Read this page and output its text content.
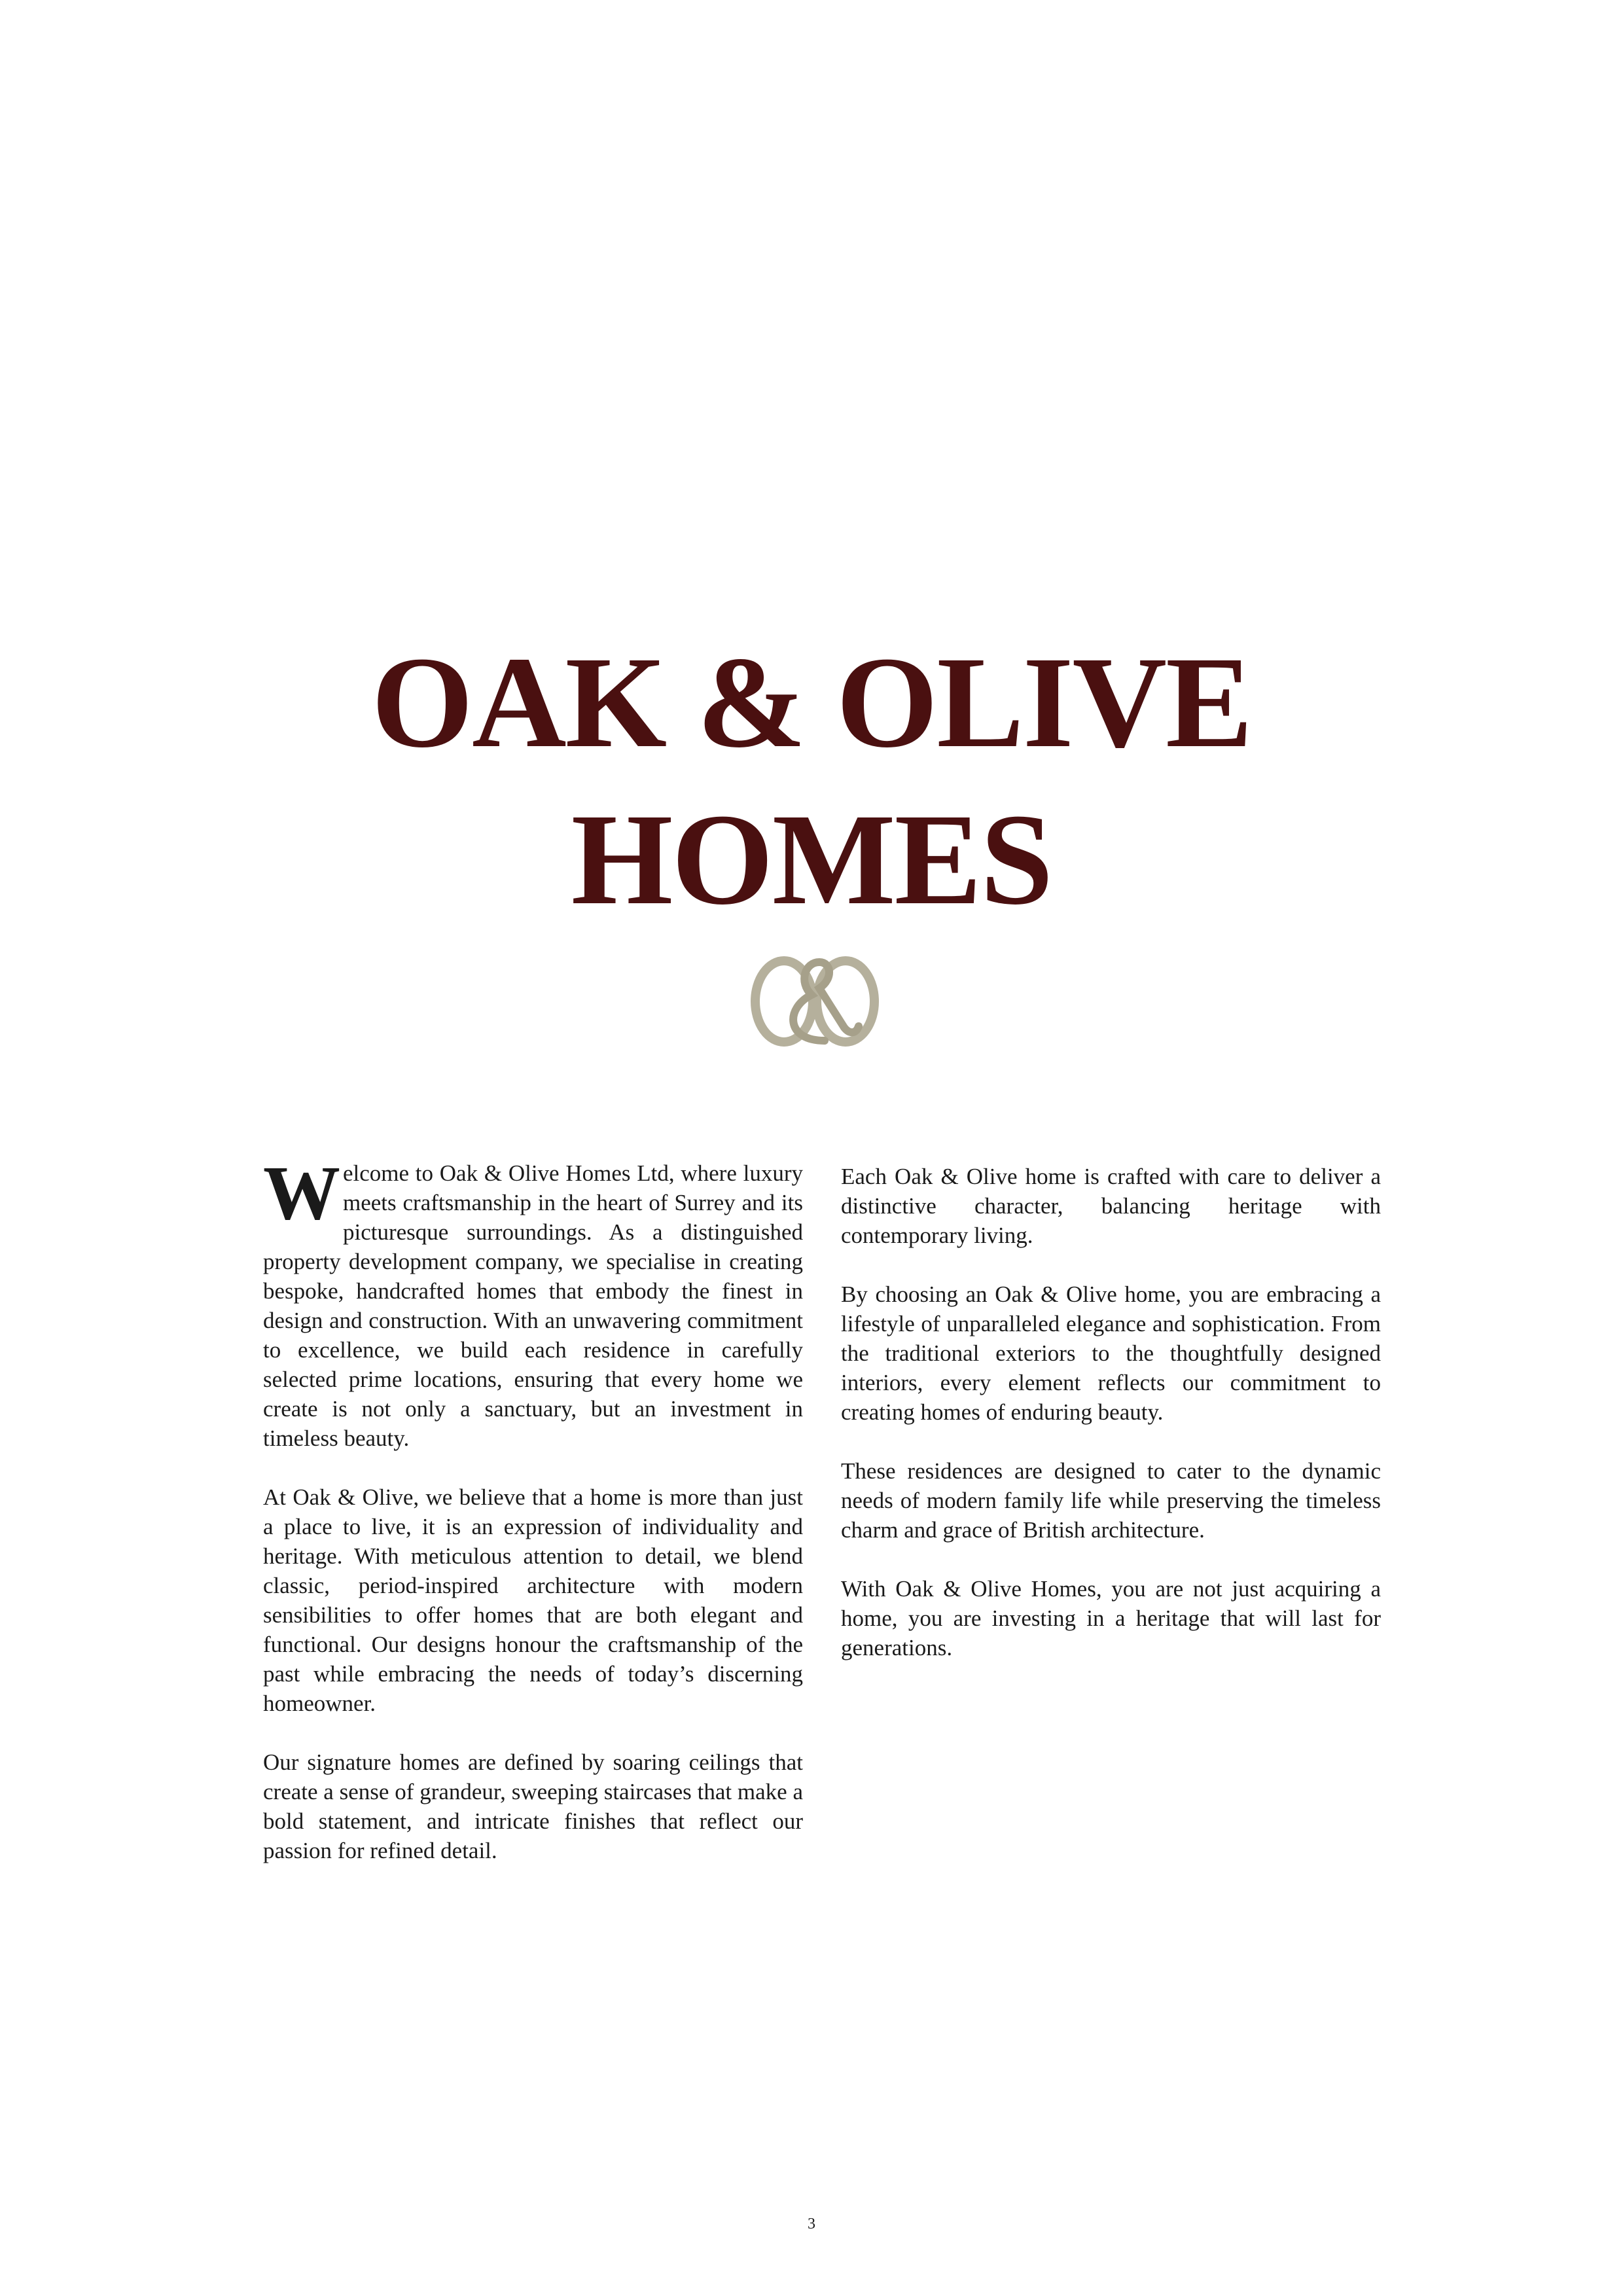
OAK & OLIVE
HOMES

Welcome to Oak & Olive Homes Ltd, where luxury meets craftsmanship in the heart of Surrey and its picturesque surroundings. As a distinguished property development company, we specialise in creating bespoke, handcrafted homes that embody the finest in design and construction. With an unwavering commitment to excellence, we build each residence in carefully selected prime locations, ensuring that every home we create is not only a sanctuary, but an investment in timeless beauty.

At Oak & Olive, we believe that a home is more than just a place to live, it is an expression of individuality and heritage. With meticulous attention to detail, we blend classic, period-inspired architecture with modern sensibilities to offer homes that are both elegant and functional. Our designs honour the craftsmanship of the past while embracing the needs of today’s discerning homeowner.

Our signature homes are defined by soaring ceilings that create a sense of grandeur, sweeping staircases that make a bold statement, and intricate finishes that reflect our passion for refined detail.

Each Oak & Olive home is crafted with care to deliver a distinctive character, balancing heritage with contemporary living.

By choosing an Oak & Olive home, you are embracing a lifestyle of unparalleled elegance and sophistication. From the traditional exteriors to the thoughtfully designed interiors, every element reflects our commitment to creating homes of enduring beauty.

These residences are designed to cater to the dynamic needs of modern family life while preserving the timeless charm and grace of British architecture.

With Oak & Olive Homes, you are not just acquiring a home, you are investing in a heritage that will last for generations.

3
